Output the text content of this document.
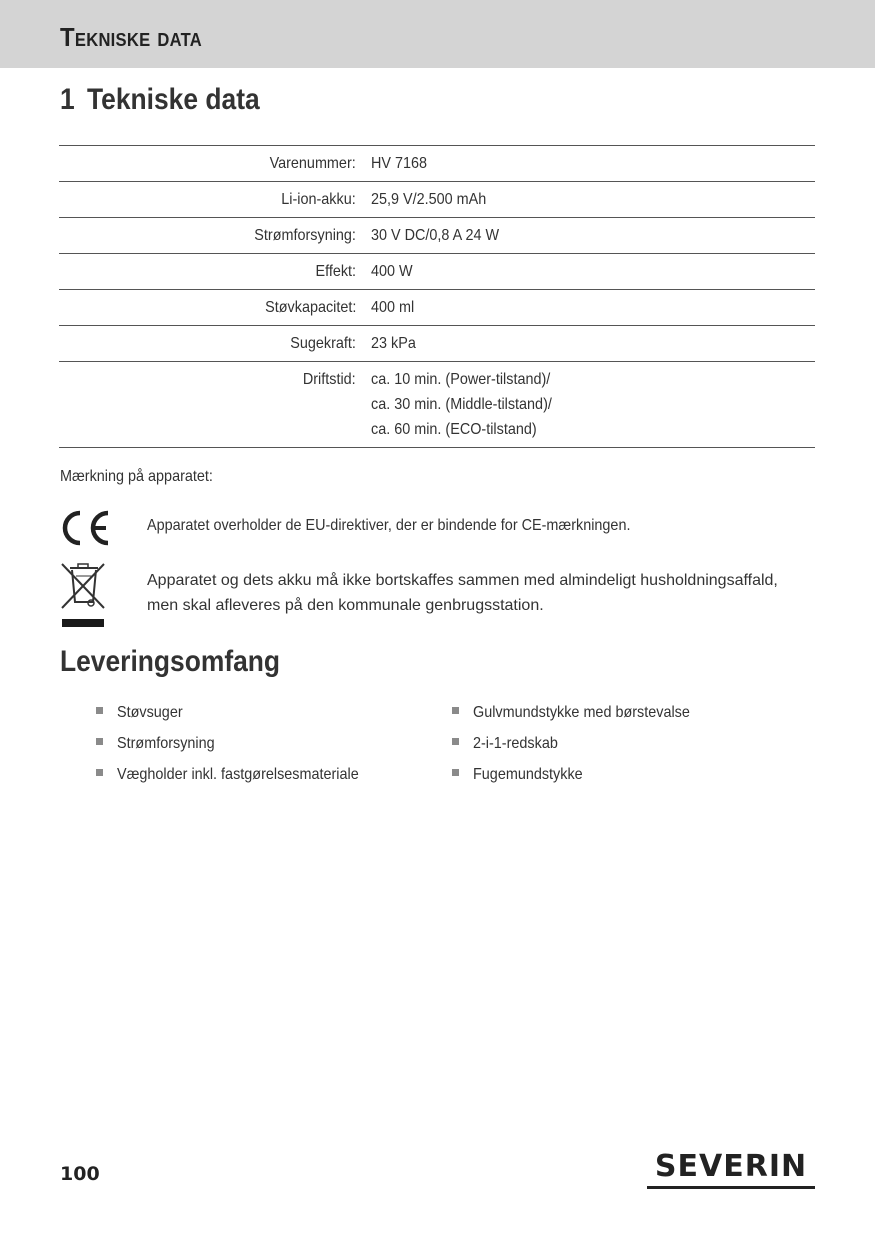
Tekniske data
1 Tekniske data
Varenummer:	HV 7168
Li-ion-akku:	25,9 V/2.500 mAh
Strømforsyning:	30 V DC/0,8 A 24 W
Effekt:	400 W
Støvkapacitet:	400 ml
Sugekraft:	23 kPa
Driftstid:	ca. 10 min. (Power-tilstand)/
ca. 30 min. (Middle-tilstand)/
ca. 60 min. (ECO-tilstand)
Mærkning på apparatet:
Apparatet overholder de EU-direktiver, der er bindende for CE-mærkningen.
Apparatet og dets akku må ikke bortskaffes sammen med almindeligt husholdningsaffald, men skal afleveres på den kommunale genbrugsstation.
Leveringsomfang
Støvsuger
Strømforsyning
Vægholder inkl. fastgørelsesmateriale
Gulvmundstykke med børstevalse
2-i-1-redskab
Fugemundstykke
100	SEVERIN
